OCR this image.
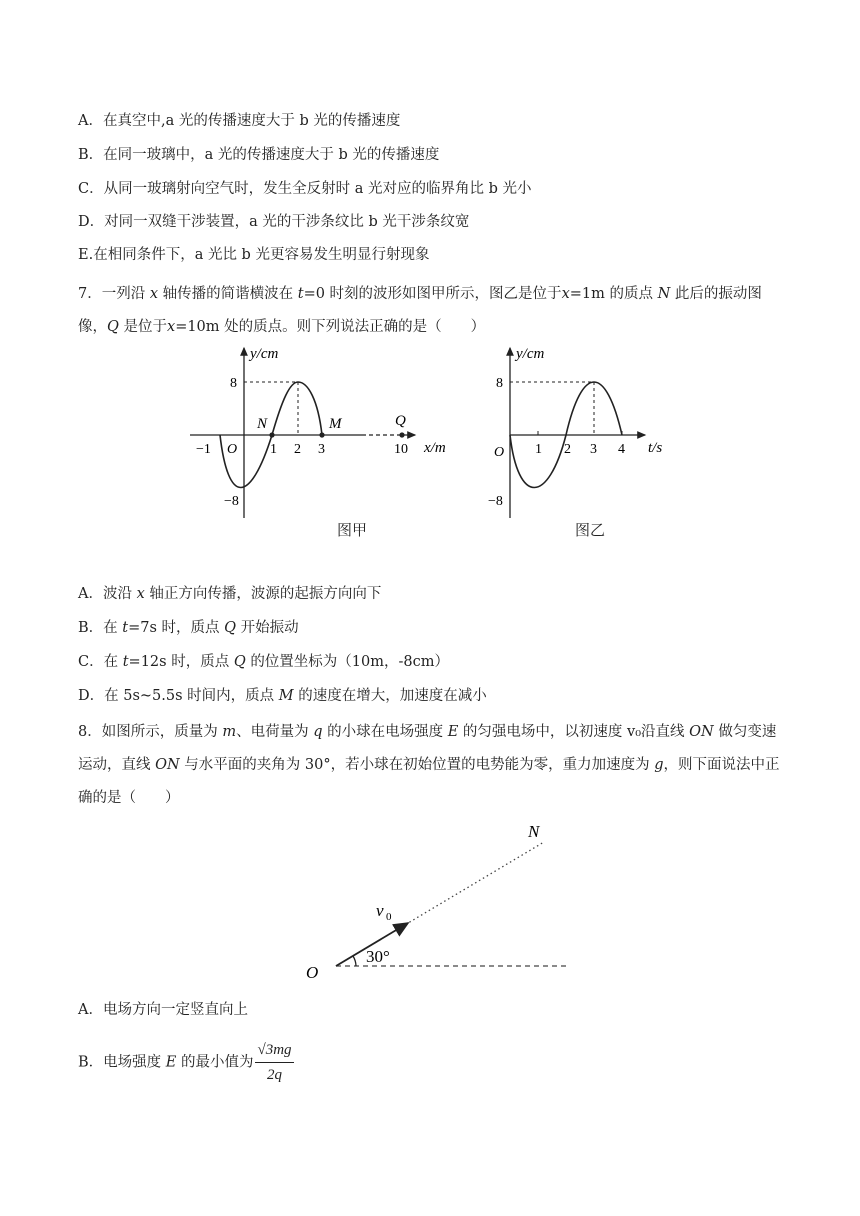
A．在真空中,a 光的传播速度大于 b 光的传播速度
B．在同一玻璃中，a 光的传播速度大于 b 光的传播速度
C．从同一玻璃射向空气时，发生全反射时 a 光对应的临界角比 b 光小
D．对同一双缝干涉装置，a 光的干涉条纹比 b 光干涉条纹宽
E.在相同条件下，a 光比 b 光更容易发生明显行射现象
7．一列沿 x 轴传播的简谐横波在 t=0 时刻的波形如图甲所示，图乙是位于x=1m 的质点 N 此后的振动图像，Q 是位于x=10m 处的质点。则下列说法正确的是（　　）
y/cm
8
−8
−1 O 1 2 3	10 x/m
N	M	Q
图甲
y/cm
8
−8
O 1 2 3 4 t/s
图乙
A．波沿 x 轴正方向传播，波源的起振方向向下
B．在 t=7s 时，质点 Q 开始振动
C．在 t=12s 时，质点 Q 的位置坐标为（10m，-8cm）
D．在 5s~5.5s 时间内，质点 M 的速度在增大，加速度在减小
8．如图所示，质量为 m、电荷量为 q 的小球在电场强度 E 的匀强电场中，以初速度 v₀沿直线 ON 做匀变速运动，直线 ON 与水平面的夹角为 30°，若小球在初始位置的电势能为零，重力加速度为 g，则下面说法中正确的是（　　）
N
O
v 0
30°
A．电场方向一定竖直向上
B．电场强度 E 的最小值为 $\frac{√3mg}{2q}$
